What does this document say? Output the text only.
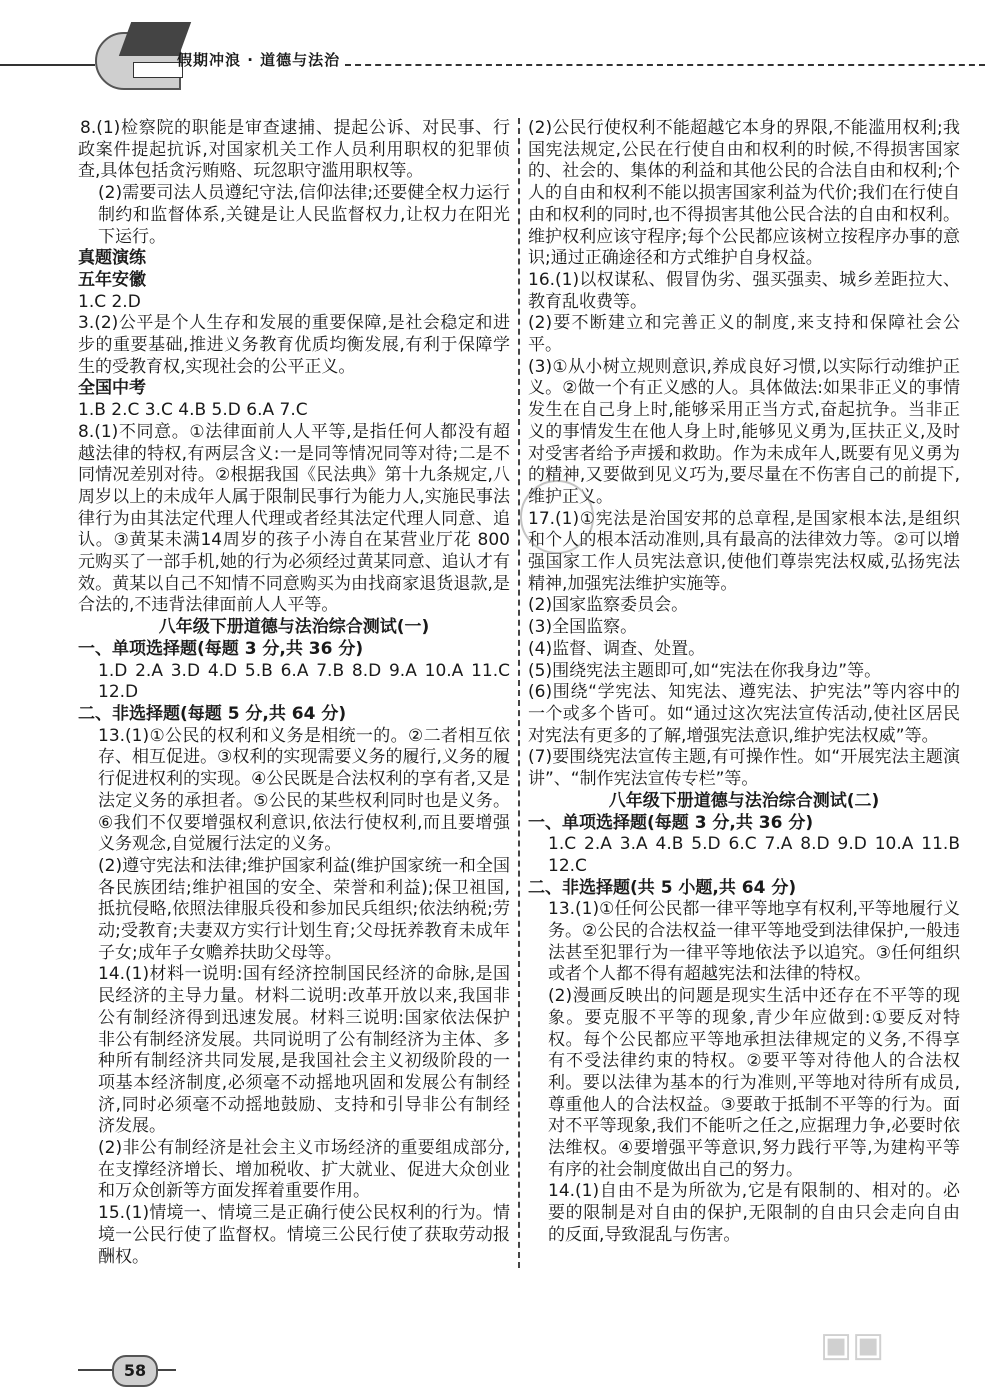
假期冲浪 · 道德与法治

8.(1)检察院的职能是审查逮捕、提起公诉、对民事、行政案件提起抗诉,对国家机关工作人员利用职权的犯罪侦查,具体包括贪污贿赂、玩忽职守滥用职权等。

(2)需要司法人员遵纪守法,信仰法律;还要健全权力运行制约和监督体系,关键是让人民监督权力,让权力在阳光下运行。

真题演练

五年安徽

1.C 2.D

3.(2)公平是个人生存和发展的重要保障,是社会稳定和进步的重要基础,推进义务教育优质均衡发展,有利于保障学生的受教育权,实现社会的公平正义。

全国中考

1.B 2.C 3.C 4.B 5.D 6.A 7.C

8.(1)不同意。①法律面前人人平等,是指任何人都没有超越法律的特权,有两层含义:一是同等情况同等对待;二是不同情况差别对待。②根据我国《民法典》第十九条规定,八周岁以上的未成年人属于限制民事行为能力人,实施民事法律行为由其法定代理人代理或者经其法定代理人同意、追认。③黄某未满14周岁的孩子小涛自在某营业厅花 800 元购买了一部手机,她的行为必须经过黄某同意、追认才有效。黄某以自己不知情不同意购买为由找商家退货退款,是合法的,不违背法律面前人人平等。

八年级下册道德与法治综合测试(一)

一、单项选择题(每题 3 分,共 36 分)

1.D 2.A 3.D 4.D 5.B 6.A 7.B 8.D 9.A 10.A 11.C 12.D

二、非选择题(每题 5 分,共 64 分)

13.(1)①公民的权利和义务是相统一的。②二者相互依存、相互促进。③权利的实现需要义务的履行,义务的履行促进权利的实现。④公民既是合法权利的享有者,又是法定义务的承担者。⑤公民的某些权利同时也是义务。⑥我们不仅要增强权利意识,依法行使权利,而且要增强义务观念,自觉履行法定的义务。

(2)遵守宪法和法律;维护国家利益(维护国家统一和全国各民族团结;维护祖国的安全、荣誉和利益);保卫祖国,抵抗侵略,依照法律服兵役和参加民兵组织;依法纳税;劳动;受教育;夫妻双方实行计划生育;父母抚养教育未成年子女;成年子女赡养扶助父母等。

14.(1)材料一说明:国有经济控制国民经济的命脉,是国民经济的主导力量。材料二说明:改革开放以来,我国非公有制经济得到迅速发展。材料三说明:国家依法保护非公有制经济发展。共同说明了公有制经济为主体、多种所有制经济共同发展,是我国社会主义初级阶段的一项基本经济制度,必须毫不动摇地巩固和发展公有制经济,同时必须毫不动摇地鼓励、支持和引导非公有制经济发展。

(2)非公有制经济是社会主义市场经济的重要组成部分,在支撑经济增长、增加税收、扩大就业、促进大众创业和万众创新等方面发挥着重要作用。

15.(1)情境一、情境三是正确行使公民权利的行为。情境一公民行使了监督权。情境三公民行使了获取劳动报酬权。

(2)公民行使权利不能超越它本身的界限,不能滥用权利;我国宪法规定,公民在行使自由和权利的时候,不得损害国家的、社会的、集体的利益和其他公民的合法自由和权利;个人的自由和权利不能以损害国家利益为代价;我们在行使自由和权利的同时,也不得损害其他公民合法的自由和权利。维护权利应该守程序;每个公民都应该树立按程序办事的意识;通过正确途径和方式维护自身权益。

16.(1)以权谋私、假冒伪劣、强买强卖、城乡差距拉大、教育乱收费等。

(2)要不断建立和完善正义的制度,来支持和保障社会公平。

(3)①从小树立规则意识,养成良好习惯,以实际行动维护正义。②做一个有正义感的人。具体做法:如果非正义的事情发生在自己身上时,能够采用正当方式,奋起抗争。当非正义的事情发生在他人身上时,能够见义勇为,匡扶正义,及时对受害者给予声援和救助。作为未成年人,既要有见义勇为的精神,又要做到见义巧为,要尽量在不伤害自己的前提下,维护正义。

17.(1)①宪法是治国安邦的总章程,是国家根本法,是组织和个人的根本活动准则,具有最高的法律效力等。②可以增强国家工作人员宪法意识,使他们尊崇宪法权威,弘扬宪法精神,加强宪法维护实施等。

(2)国家监察委员会。

(3)全国监察。

(4)监督、调查、处置。

(5)围绕宪法主题即可,如“宪法在你我身边”等。

(6)围绕“学宪法、知宪法、遵宪法、护宪法”等内容中的一个或多个皆可。如“通过这次宪法宣传活动,使社区居民对宪法有更多的了解,增强宪法意识,维护宪法权威”等。

(7)要围绕宪法宣传主题,有可操作性。如“开展宪法主题演讲”、“制作宪法宣传专栏”等。

八年级下册道德与法治综合测试(二)

一、单项选择题(每题 3 分,共 36 分)

1.C 2.A 3.A 4.B 5.D 6.C 7.A 8.D 9.D 10.A 11.B 12.C

二、非选择题(共 5 小题,共 64 分)

13.(1)①任何公民都一律平等地享有权利,平等地履行义务。②公民的合法权益一律平等地受到法律保护,一般违法甚至犯罪行为一律平等地依法予以追究。③任何组织或者个人都不得有超越宪法和法律的特权。

(2)漫画反映出的问题是现实生活中还存在不平等的现象。要克服不平等的现象,青少年应做到:①要反对特权。每个公民都应平等地承担法律规定的义务,不得享有不受法律约束的特权。②要平等对待他人的合法权利。要以法律为基本的行为准则,平等地对待所有成员,尊重他人的合法权益。③要敢于抵制不平等的行为。面对不平等现象,我们不能听之任之,应据理力争,必要时依法维权。④要增强平等意识,努力践行平等,为建构平等有序的社会制度做出自己的努力。

14.(1)自由不是为所欲为,它是有限制的、相对的。必要的限制是对自由的保护,无限制的自由只会走向自由的反面,导致混乱与伤害。

58
▣▣
